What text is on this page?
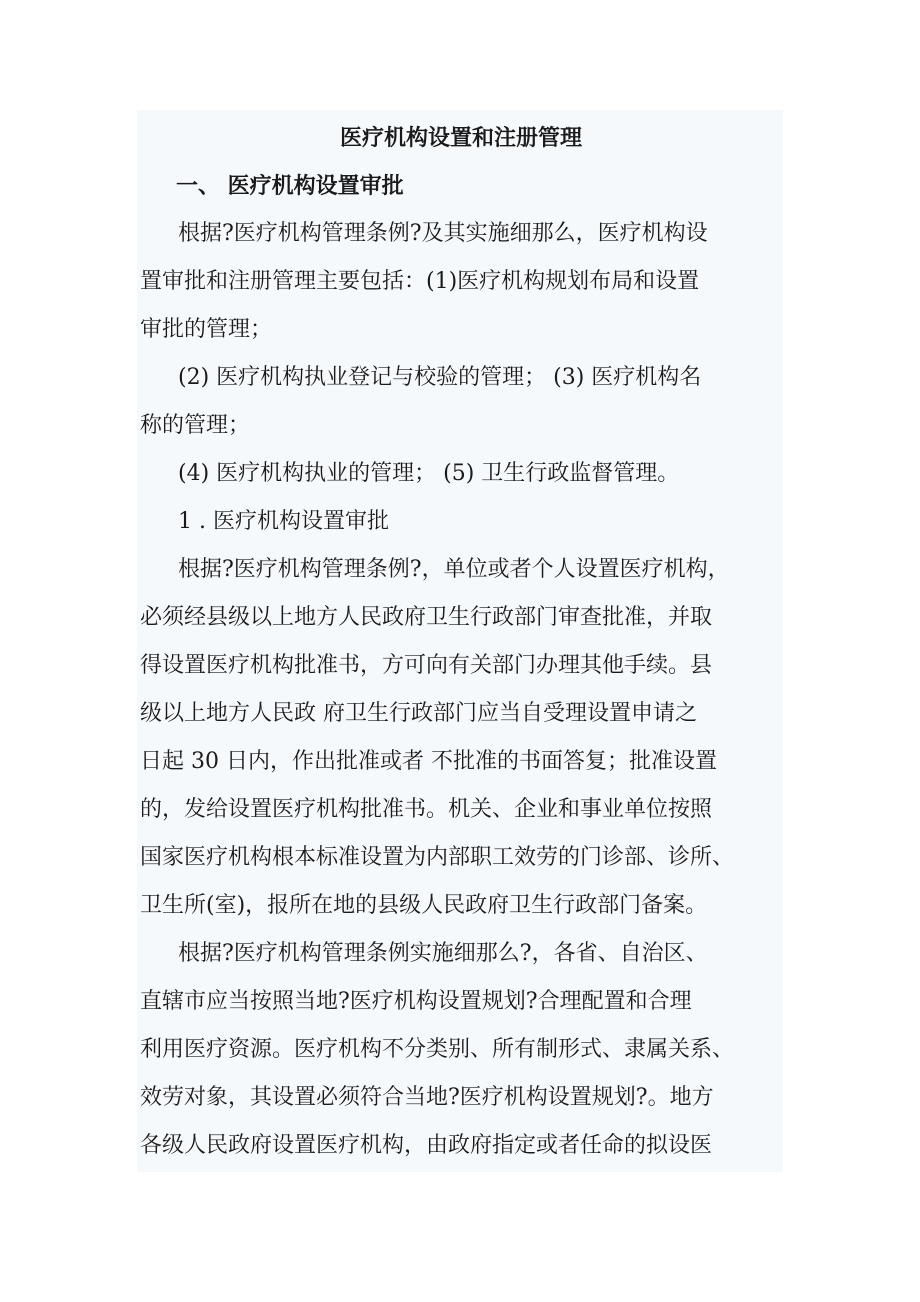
医疗机构设置和注册管理
一、 医疗机构设置审批
根据?医疗机构管理条例?及其实施细那么，医疗机构设
置审批和注册管理主要包括：(1)医疗机构规划布局和设置
审批的管理；
(2) 医疗机构执业登记与校验的管理； (3) 医疗机构名
称的管理；
(4) 医疗机构执业的管理； (5) 卫生行政监督管理。
1 . 医疗机构设置审批
根据?医疗机构管理条例?，单位或者个人设置医疗机构，
必须经县级以上地方人民政府卫生行政部门审查批准，并取
得设置医疗机构批准书，方可向有关部门办理其他手续。县
级以上地方人民政 府卫生行政部门应当自受理设置申请之
日起 30 日内，作出批准或者 不批准的书面答复；批准设置
的，发给设置医疗机构批准书。机关、企业和事业单位按照
国家医疗机构根本标准设置为内部职工效劳的门诊部、诊所、
卫生所(室)，报所在地的县级人民政府卫生行政部门备案。
根据?医疗机构管理条例实施细那么?，各省、自治区、
直辖市应当按照当地?医疗机构设置规划?合理配置和合理
利用医疗资源。医疗机构不分类别、所有制形式、隶属关系、
效劳对象，其设置必须符合当地?医疗机构设置规划?。地方
各级人民政府设置医疗机构，由政府指定或者任命的拟设医
